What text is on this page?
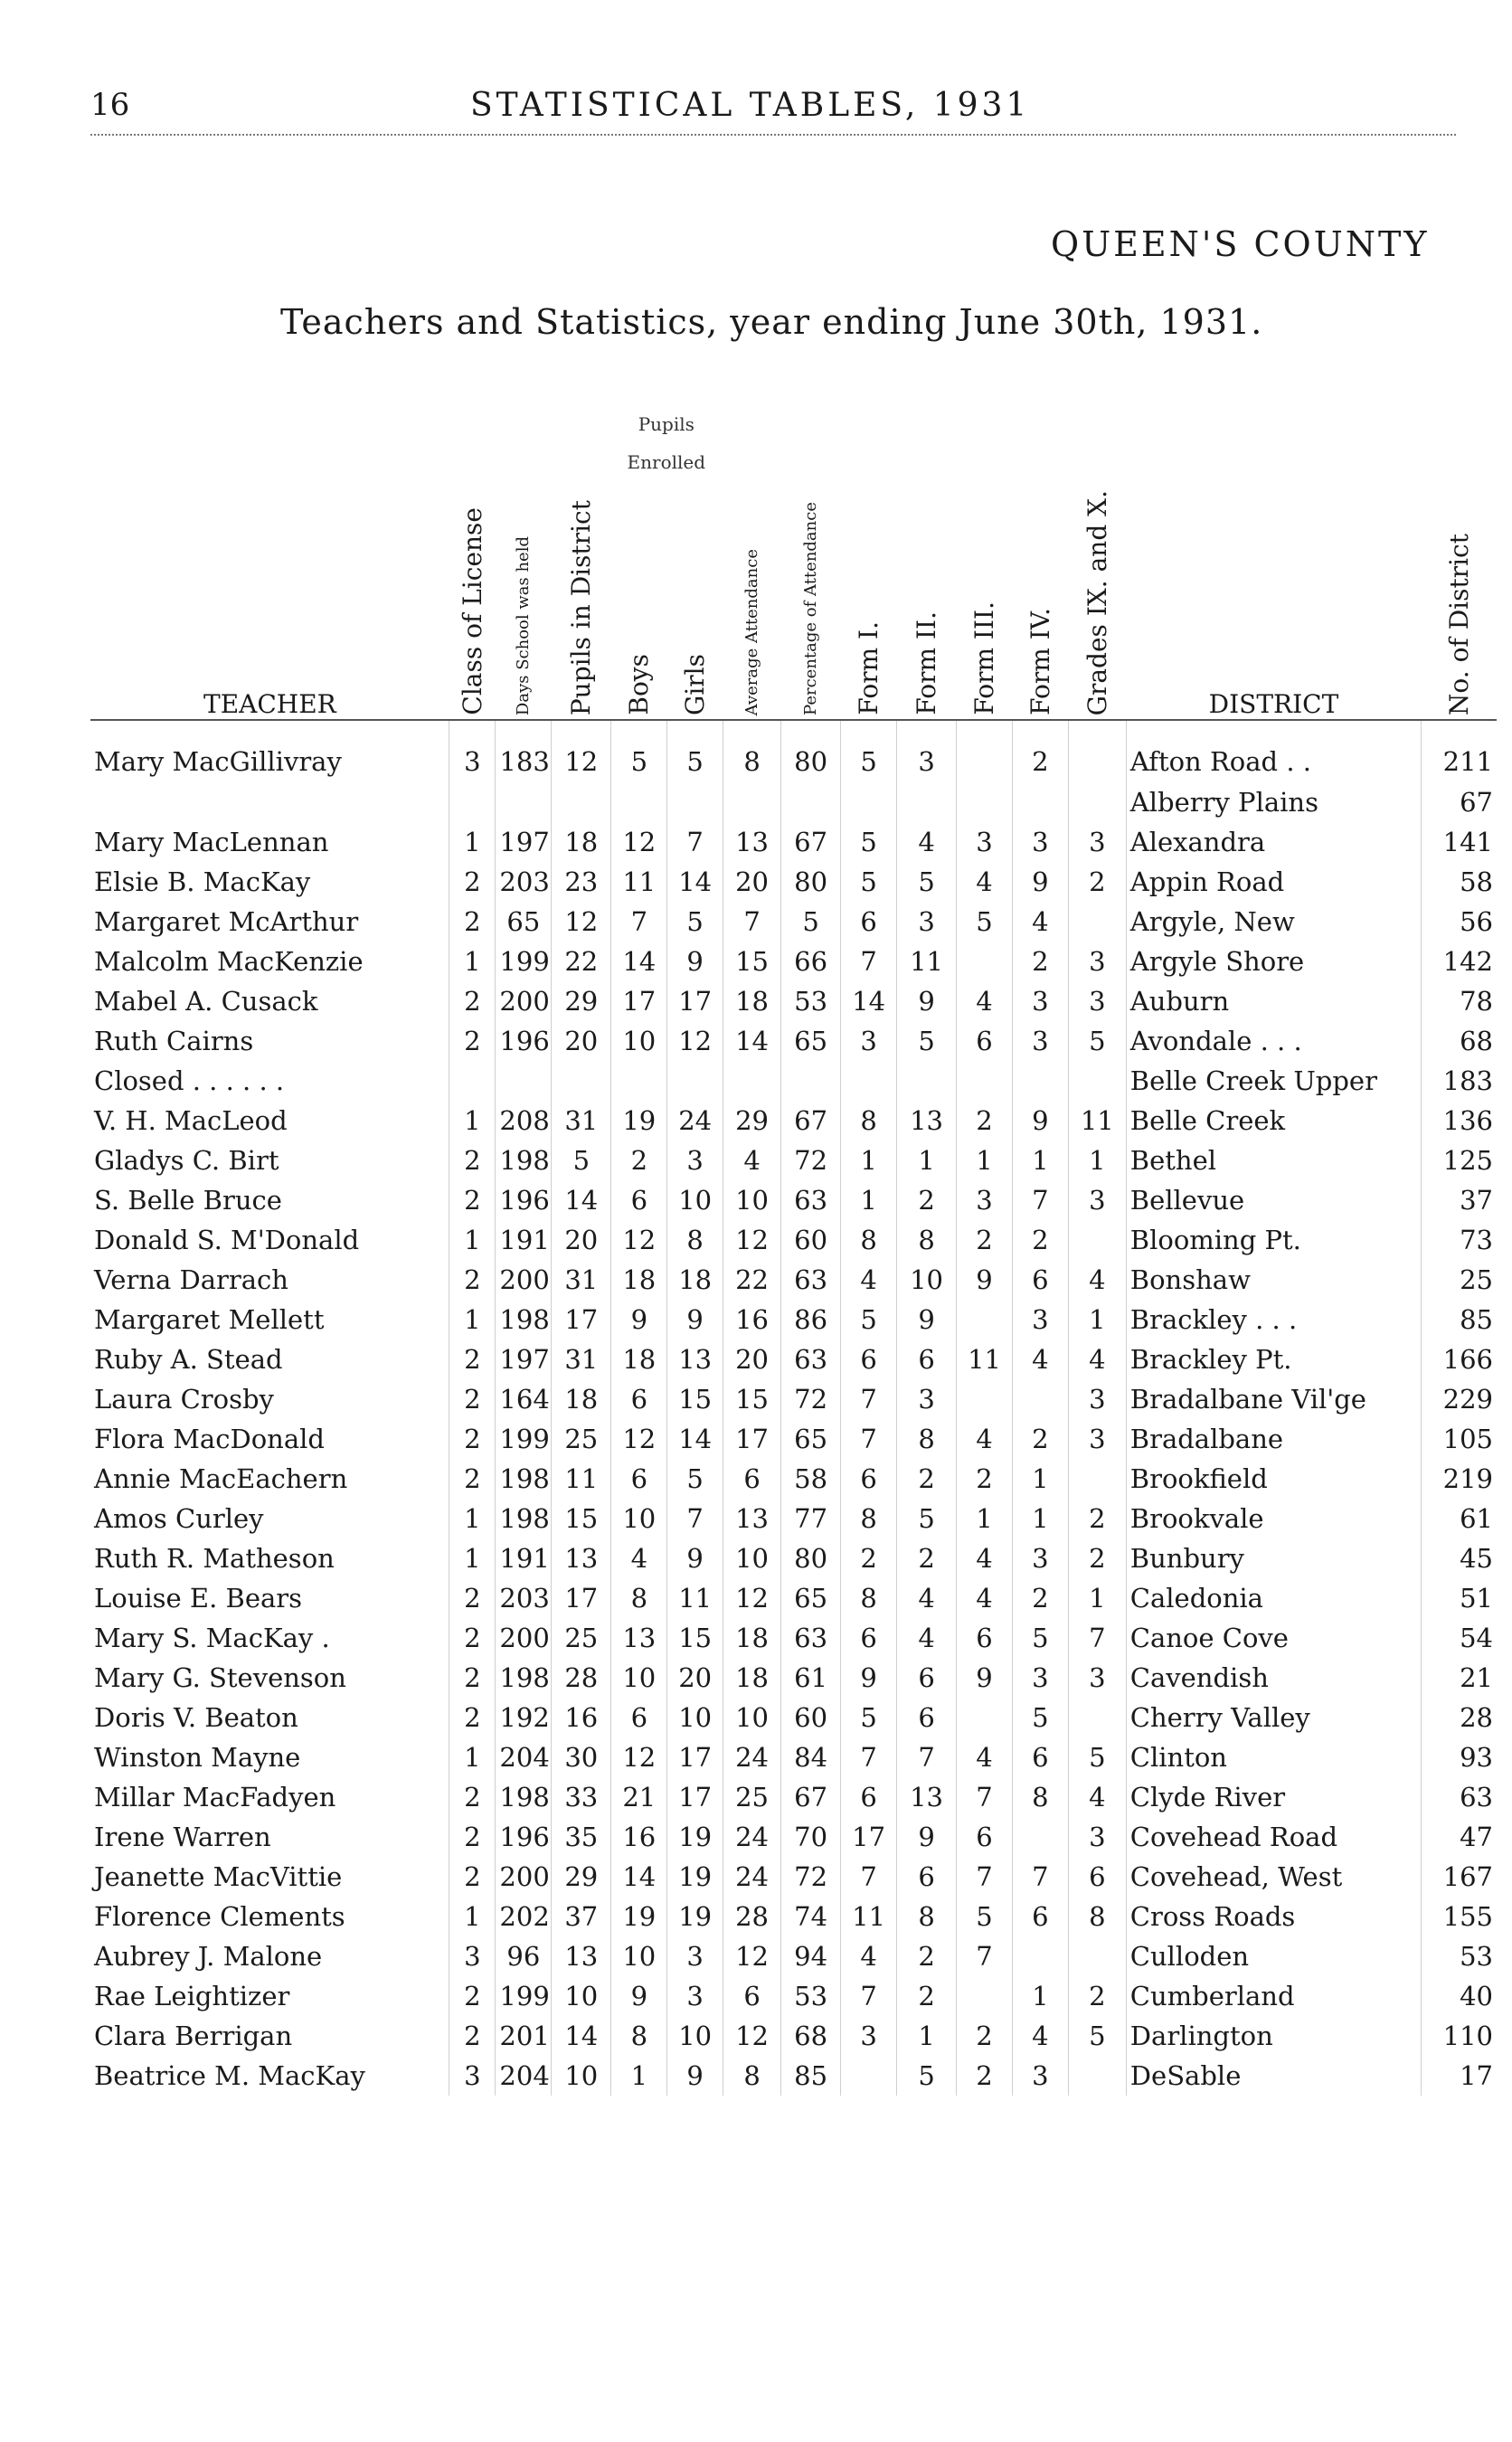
16	STATISTICAL TABLES, 1931
QUEEN'S COUNTY
Teachers and Statistics, year ending June 30th, 1931.
TEACHER	Class of License	Days School was held	Pupils in District	Pupils
Enrolled
Boys	Girls	Average Attendance	Percentage of Attendance	Form I.	Form II.	Form III.	Form IV.	Grades IX. and X.	DISTRICT	No. of District
Mary MacGillivray	3	183	12	5	5	8	80	5	3		2		Afton Road . .	211
													Alberry Plains	67
Mary MacLennan	1	197	18	12	7	13	67	5	4	3	3	3	Alexandra	141
Elsie B. MacKay	2	203	23	11	14	20	80	5	5	4	9	2	Appin Road	58
Margaret McArthur	2	65	12	7	5	7	5	6	3	5	4		Argyle, New	56
Malcolm MacKenzie	1	199	22	14	9	15	66	7	11		2	3	Argyle Shore	142
Mabel A. Cusack	2	200	29	17	17	18	53	14	9	4	3	3	Auburn	78
Ruth Cairns	2	196	20	10	12	14	65	3	5	6	3	5	Avondale . . .	68
Closed . . . . . .													Belle Creek Upper	183
V. H. MacLeod	1	208	31	19	24	29	67	8	13	2	9	11	Belle Creek	136
Gladys C. Birt	2	198	5	2	3	4	72	1	1	1	1	1	Bethel	125
S. Belle Bruce	2	196	14	6	10	10	63	1	2	3	7	3	Bellevue	37
Donald S. M'Donald	1	191	20	12	8	12	60	8	8	2	2		Blooming Pt.	73
Verna Darrach	2	200	31	18	18	22	63	4	10	9	6	4	Bonshaw	25
Margaret Mellett	1	198	17	9	9	16	86	5	9		3	1	Brackley . . .	85
Ruby A. Stead	2	197	31	18	13	20	63	6	6	11	4	4	Brackley Pt.	166
Laura Crosby	2	164	18	6	15	15	72	7	3			3	Bradalbane Vil'ge	229
Flora MacDonald	2	199	25	12	14	17	65	7	8	4	2	3	Bradalbane	105
Annie MacEachern	2	198	11	6	5	6	58	6	2	2	1		Brookfield	219
Amos Curley	1	198	15	10	7	13	77	8	5	1	1	2	Brookvale	61
Ruth R. Matheson	1	191	13	4	9	10	80	2	2	4	3	2	Bunbury	45
Louise E. Bears	2	203	17	8	11	12	65	8	4	4	2	1	Caledonia	51
Mary S. MacKay .	2	200	25	13	15	18	63	6	4	6	5	7	Canoe Cove	54
Mary G. Stevenson	2	198	28	10	20	18	61	9	6	9	3	3	Cavendish	21
Doris V. Beaton	2	192	16	6	10	10	60	5	6		5		Cherry Valley	28
Winston Mayne	1	204	30	12	17	24	84	7	7	4	6	5	Clinton	93
Millar MacFadyen	2	198	33	21	17	25	67	6	13	7	8	4	Clyde River	63
Irene Warren	2	196	35	16	19	24	70	17	9	6		3	Covehead Road	47
Jeanette MacVittie	2	200	29	14	19	24	72	7	6	7	7	6	Covehead, West	167
Florence Clements	1	202	37	19	19	28	74	11	8	5	6	8	Cross Roads	155
Aubrey J. Malone	3	96	13	10	3	12	94	4	2	7			Culloden	53
Rae Leightizer	2	199	10	9	3	6	53	7	2		1	2	Cumberland	40
Clara Berrigan	2	201	14	8	10	12	68	3	1	2	4	5	Darlington	110
Beatrice M. MacKay	3	204	10	1	9	8	85		5	2	3		DeSable	17
